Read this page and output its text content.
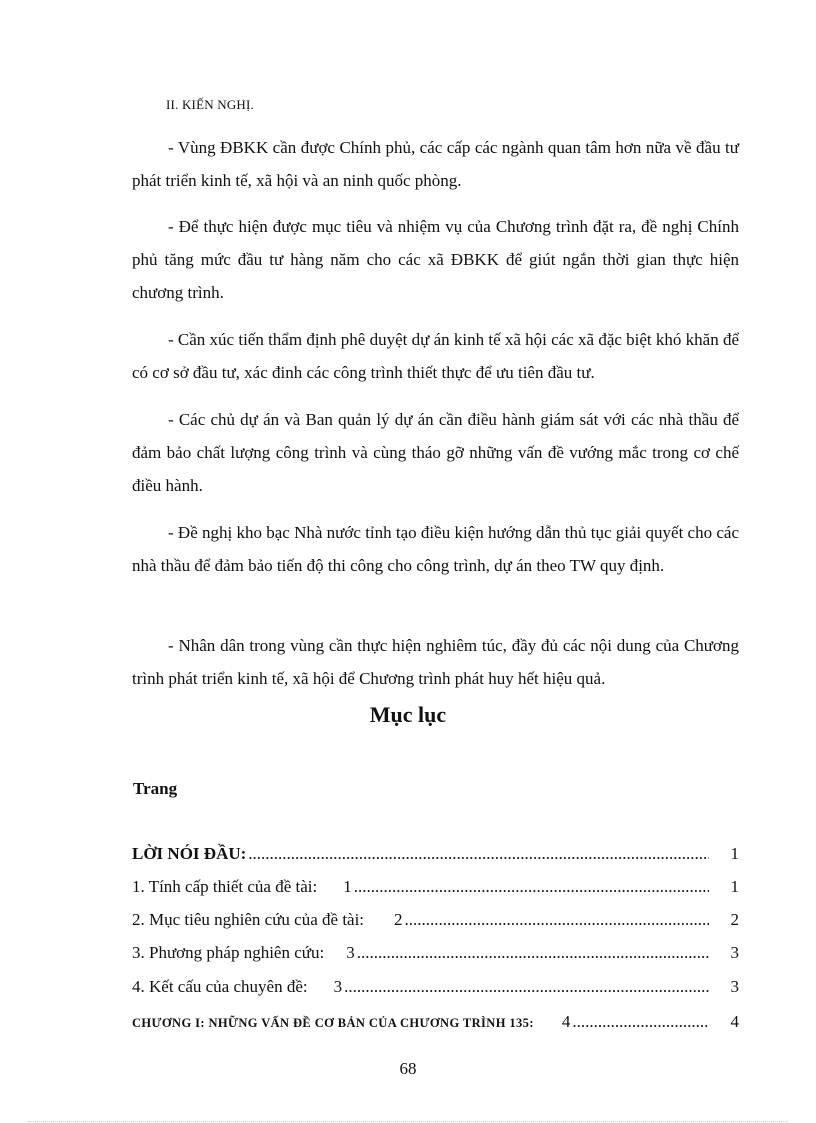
II. KIẾN NGHỊ.

- Vùng ĐBKK cần được Chính phủ, các cấp các ngành quan tâm hơn nữa về đầu tư phát triển kinh tế, xã hội và an ninh quốc phòng.

- Để thực hiện được mục tiêu và nhiệm vụ của Chương trình đặt ra, đề nghị Chính phủ tăng mức đầu tư hàng năm cho các xã ĐBKK để giút ngắn thời gian thực hiện chương trình.

- Cần xúc tiến thẩm định phê duyệt dự án kinh tế xã hội các xã đặc biệt khó khăn để có cơ sở đầu tư, xác đinh các công trình thiết thực để ưu tiên đầu tư.

- Các chủ dự án và Ban quản lý dự án cần điều hành giám sát với các nhà thầu để đảm bảo chất lượng công trình và cùng tháo gỡ những vấn đề vướng mắc trong cơ chế điều hành.

- Đề nghị kho bạc Nhà nước tỉnh tạo điều kiện hướng dẫn thủ tục giải quyết cho các nhà thầu để đảm bảo tiến độ thi công cho công trình, dự án theo TW quy định.

- Nhân dân trong vùng cần thực hiện nghiêm túc, đầy đủ các nội dung của Chương trình phát triển kinh tế, xã hội để Chương trình phát huy hết hiệu quả.

Mục lục
Trang
LỜI NÓI ĐẦU: .....	1
1. Tính cấp thiết của đề tài: 1 .....	1
2. Mục tiêu nghiên cứu của đề tài: 2 .....	2
3. Phương pháp nghiên cứu: 3 .....	3
4. Kết cấu của chuyên đề: 3 .....	3
CHƯƠNG I: NHỮNG VẤN ĐỀ CƠ BẢN CỦA CHƯƠNG TRÌNH 135: 4 .....	4
68
